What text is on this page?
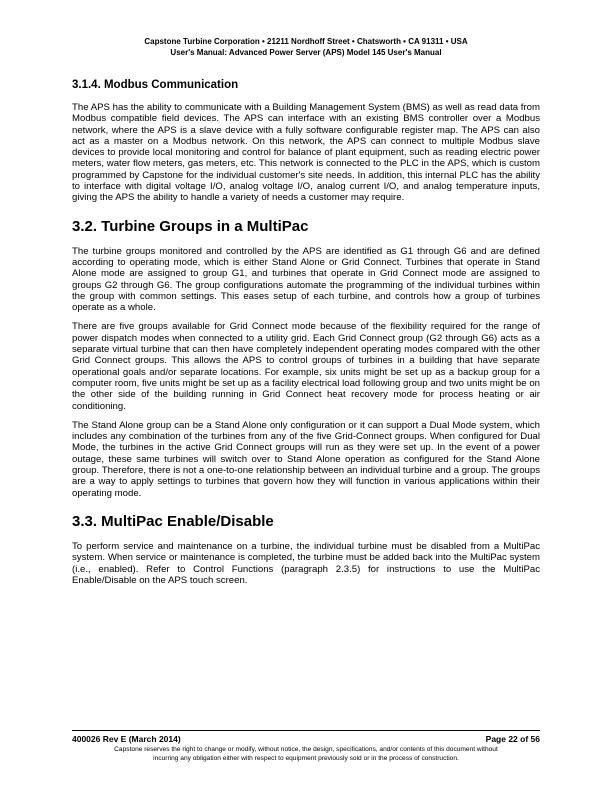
Capstone Turbine Corporation • 21211 Nordhoff Street • Chatsworth • CA 91311 • USA
User's Manual: Advanced Power Server (APS) Model 145 User's Manual
3.1.4. Modbus Communication

The APS has the ability to communicate with a Building Management System (BMS) as well as read data from Modbus compatible field devices. The APS can interface with an existing BMS controller over a Modbus network, where the APS is a slave device with a fully software configurable register map. The APS can also act as a master on a Modbus network. On this network, the APS can connect to multiple Modbus slave devices to provide local monitoring and control for balance of plant equipment, such as reading electric power meters, water flow meters, gas meters, etc. This network is connected to the PLC in the APS, which is custom programmed by Capstone for the individual customer's site needs. In addition, this internal PLC has the ability to interface with digital voltage I/O, analog voltage I/O, analog current I/O, and analog temperature inputs, giving the APS the ability to handle a variety of needs a customer may require.

3.2. Turbine Groups in a MultiPac

The turbine groups monitored and controlled by the APS are identified as G1 through G6 and are defined according to operating mode, which is either Stand Alone or Grid Connect. Turbines that operate in Stand Alone mode are assigned to group G1, and turbines that operate in Grid Connect mode are assigned to groups G2 through G6. The group configurations automate the programming of the individual turbines within the group with common settings. This eases setup of each turbine, and controls how a group of turbines operate as a whole.

There are five groups available for Grid Connect mode because of the flexibility required for the range of power dispatch modes when connected to a utility grid. Each Grid Connect group (G2 through G6) acts as a separate virtual turbine that can then have completely independent operating modes compared with the other Grid Connect groups. This allows the APS to control groups of turbines in a building that have separate operational goals and/or separate locations. For example, six units might be set up as a backup group for a computer room, five units might be set up as a facility electrical load following group and two units might be on the other side of the building running in Grid Connect heat recovery mode for process heating or air conditioning.

The Stand Alone group can be a Stand Alone only configuration or it can support a Dual Mode system, which includes any combination of the turbines from any of the five Grid-Connect groups. When configured for Dual Mode, the turbines in the active Grid Connect groups will run as they were set up. In the event of a power outage, these same turbines will switch over to Stand Alone operation as configured for the Stand Alone group. Therefore, there is not a one-to-one relationship between an individual turbine and a group. The groups are a way to apply settings to turbines that govern how they will function in various applications within their operating mode.

3.3. MultiPac Enable/Disable

To perform service and maintenance on a turbine, the individual turbine must be disabled from a MultiPac system. When service or maintenance is completed, the turbine must be added back into the MultiPac system (i.e., enabled). Refer to Control Functions (paragraph 2.3.5) for instructions to use the MultiPac Enable/Disable on the APS touch screen.

400026 Rev E (March 2014)	Page 22 of 56
Capstone reserves the right to change or modify, without notice, the design, specifications, and/or contents of this document without
incurring any obligation either with respect to equipment previously sold or in the process of construction.
